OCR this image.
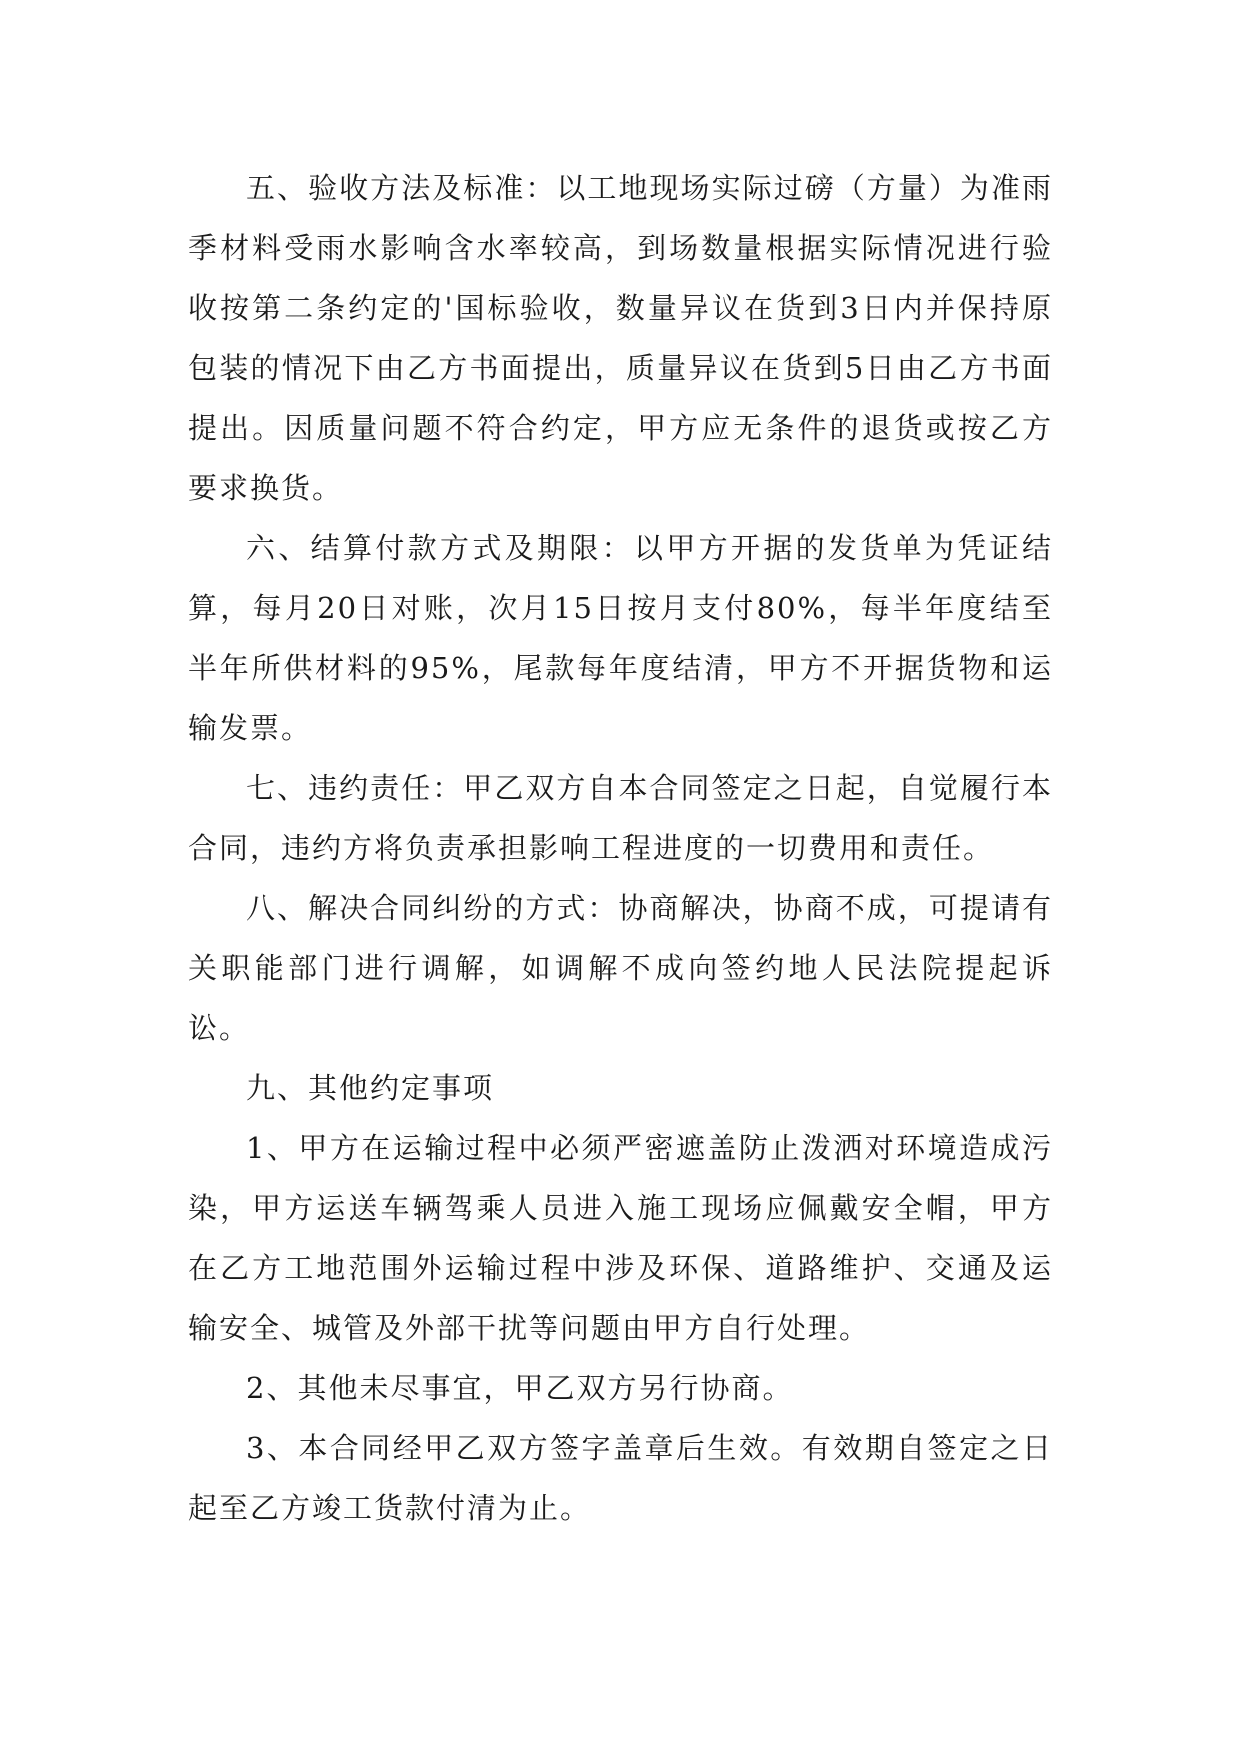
五、验收方法及标准：以工地现场实际过磅（方量）为准雨季材料受雨水影响含水率较高，到场数量根据实际情况进行验收按第二条约定的'国标验收，数量异议在货到3日内并保持原包装的情况下由乙方书面提出，质量异议在货到5日由乙方书面提出。因质量问题不符合约定，甲方应无条件的退货或按乙方要求换货。

六、结算付款方式及期限：以甲方开据的发货单为凭证结算，每月20日对账，次月15日按月支付80%，每半年度结至半年所供材料的95%，尾款每年度结清，甲方不开据货物和运输发票。

七、违约责任：甲乙双方自本合同签定之日起，自觉履行本合同，违约方将负责承担影响工程进度的一切费用和责任。

八、解决合同纠纷的方式：协商解决，协商不成，可提请有关职能部门进行调解，如调解不成向签约地人民法院提起诉讼。

九、其他约定事项

1、甲方在运输过程中必须严密遮盖防止泼洒对环境造成污染，甲方运送车辆驾乘人员进入施工现场应佩戴安全帽，甲方在乙方工地范围外运输过程中涉及环保、道路维护、交通及运输安全、城管及外部干扰等问题由甲方自行处理。

2、其他未尽事宜，甲乙双方另行协商。

3、本合同经甲乙双方签字盖章后生效。有效期自签定之日起至乙方竣工货款付清为止。
